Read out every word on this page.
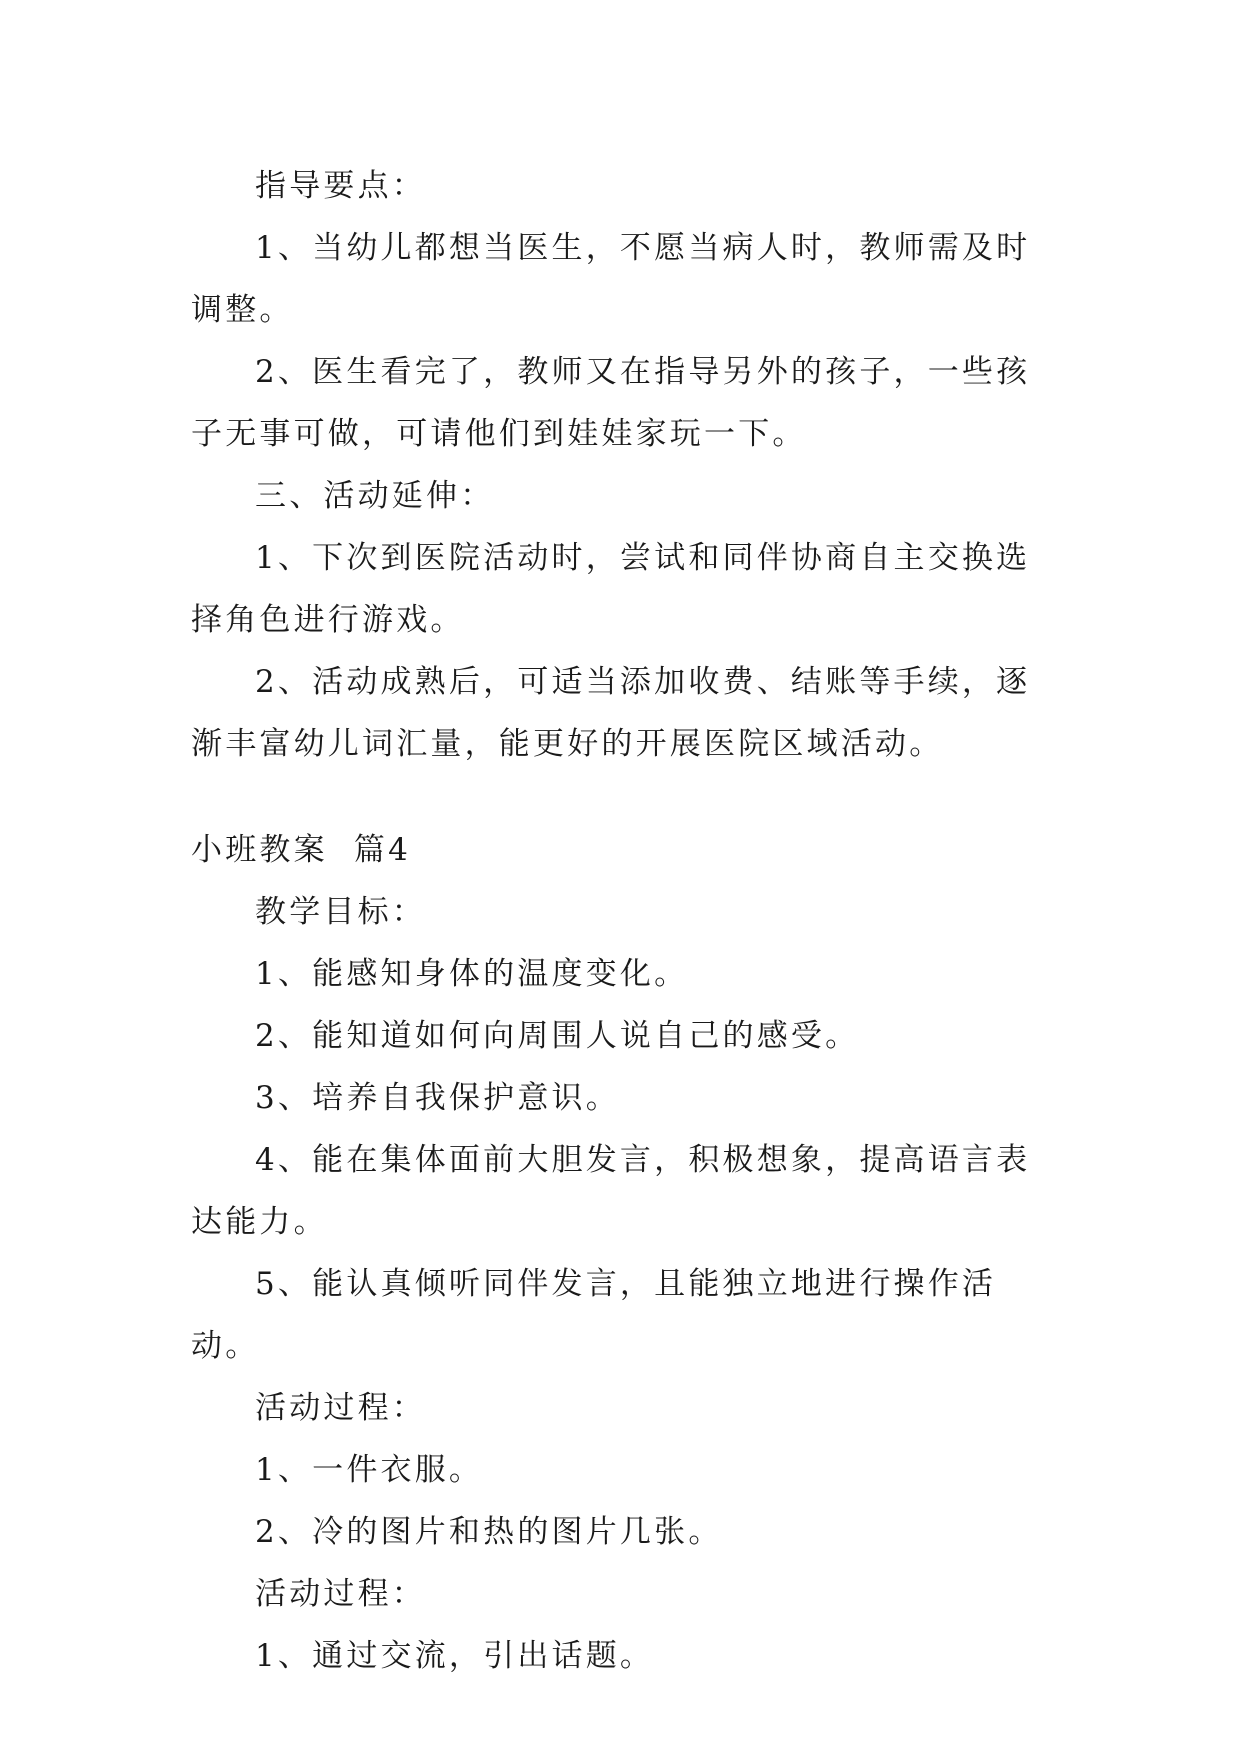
指导要点：

1、当幼儿都想当医生，不愿当病人时，教师需及时调整。

2、医生看完了，教师又在指导另外的孩子，一些孩子无事可做，可请他们到娃娃家玩一下。

三、活动延伸：

1、下次到医院活动时，尝试和同伴协商自主交换选择角色进行游戏。

2、活动成熟后，可适当添加收费、结账等手续，逐渐丰富幼儿词汇量，能更好的开展医院区域活动。

小班教案  篇4

教学目标：

1、能感知身体的温度变化。

2、能知道如何向周围人说自己的感受。

3、培养自我保护意识。

4、能在集体面前大胆发言，积极想象，提高语言表达能力。

5、能认真倾听同伴发言，且能独立地进行操作活动。

活动过程：

1、一件衣服。

2、冷的图片和热的图片几张。

活动过程：

1、通过交流，引出话题。
